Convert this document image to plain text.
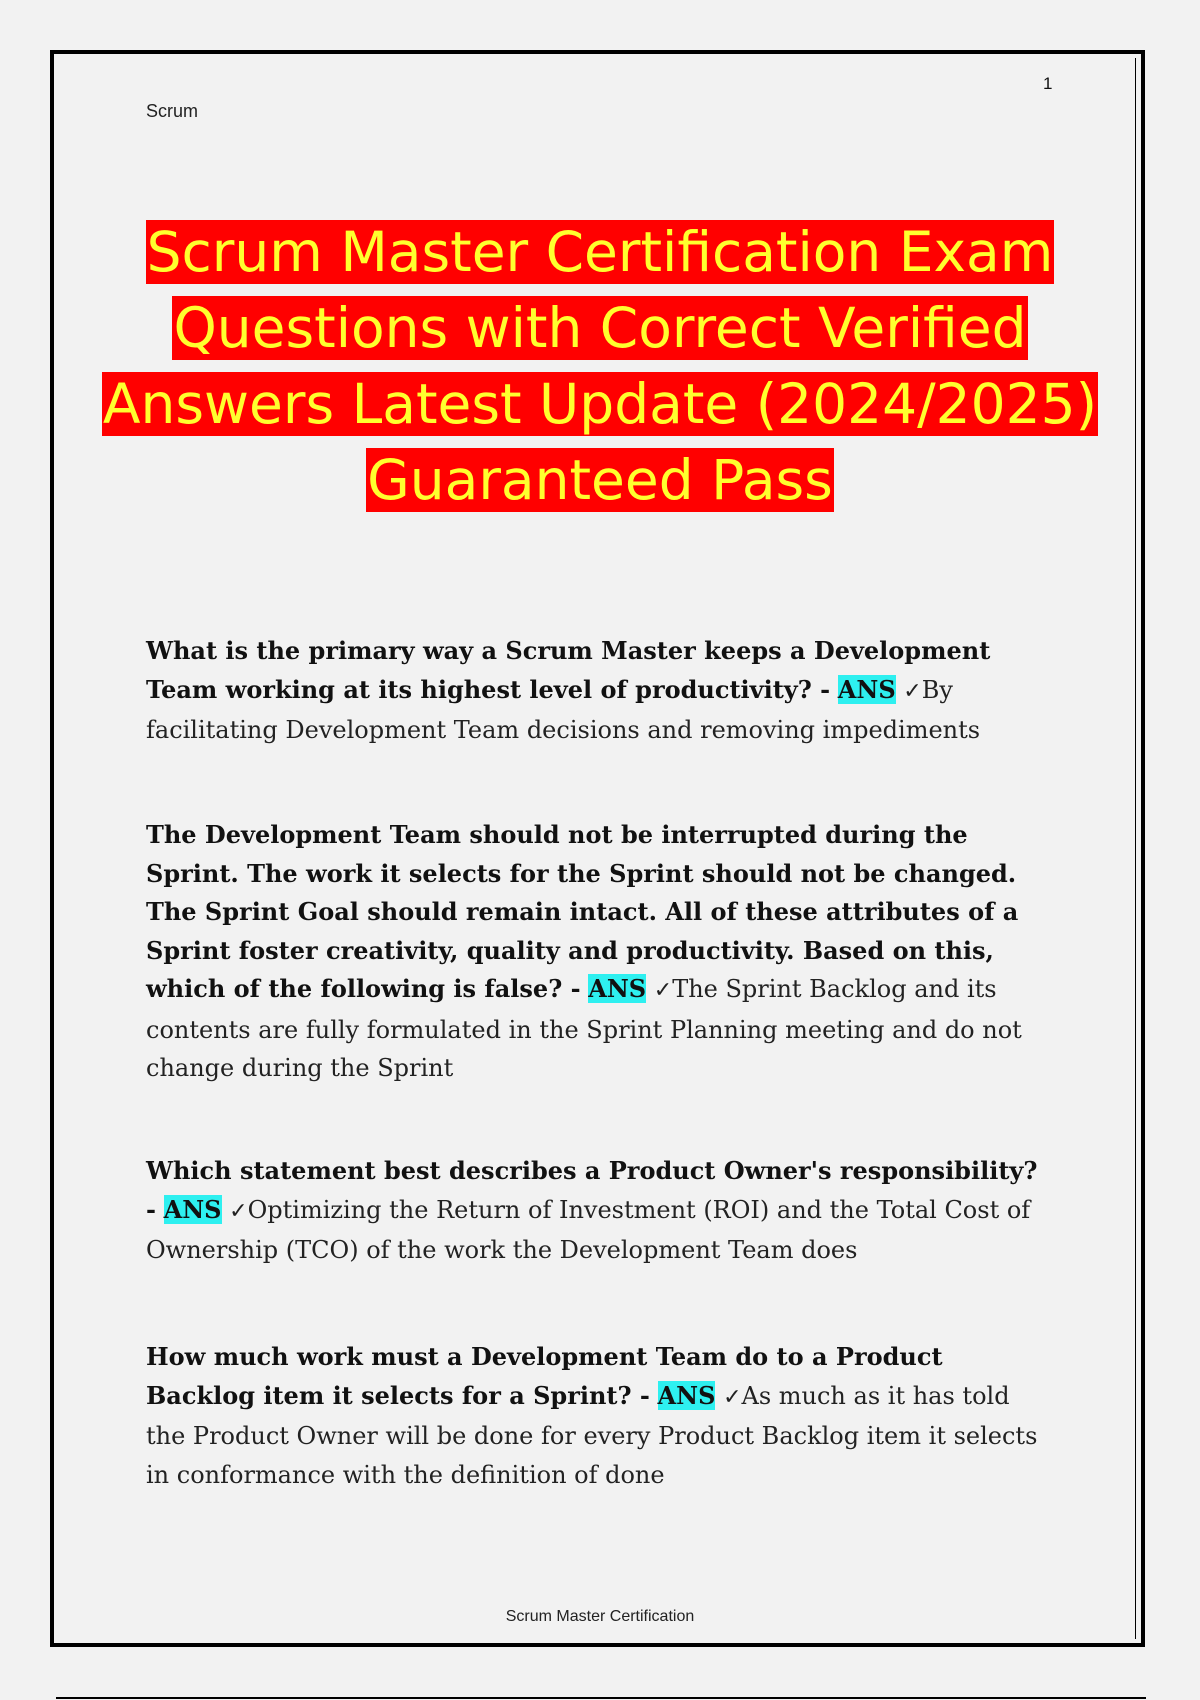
1
Scrum
Scrum Master Certification Exam Questions with Correct Verified Answers Latest Update (2024/2025) Guaranteed Pass

What is the primary way a Scrum Master keeps a Development Team working at its highest level of productivity? - ANS ✓By facilitating Development Team decisions and removing impediments

The Development Team should not be interrupted during the Sprint. The work it selects for the Sprint should not be changed. The Sprint Goal should remain intact. All of these attributes of a Sprint foster creativity, quality and productivity. Based on this, which of the following is false? - ANS ✓The Sprint Backlog and its contents are fully formulated in the Sprint Planning meeting and do not change during the Sprint

Which statement best describes a Product Owner's responsibility? - ANS ✓Optimizing the Return of Investment (ROI) and the Total Cost of Ownership (TCO) of the work the Development Team does

How much work must a Development Team do to a Product Backlog item it selects for a Sprint? - ANS ✓As much as it has told the Product Owner will be done for every Product Backlog item it selects in conformance with the definition of done

Scrum Master Certification
